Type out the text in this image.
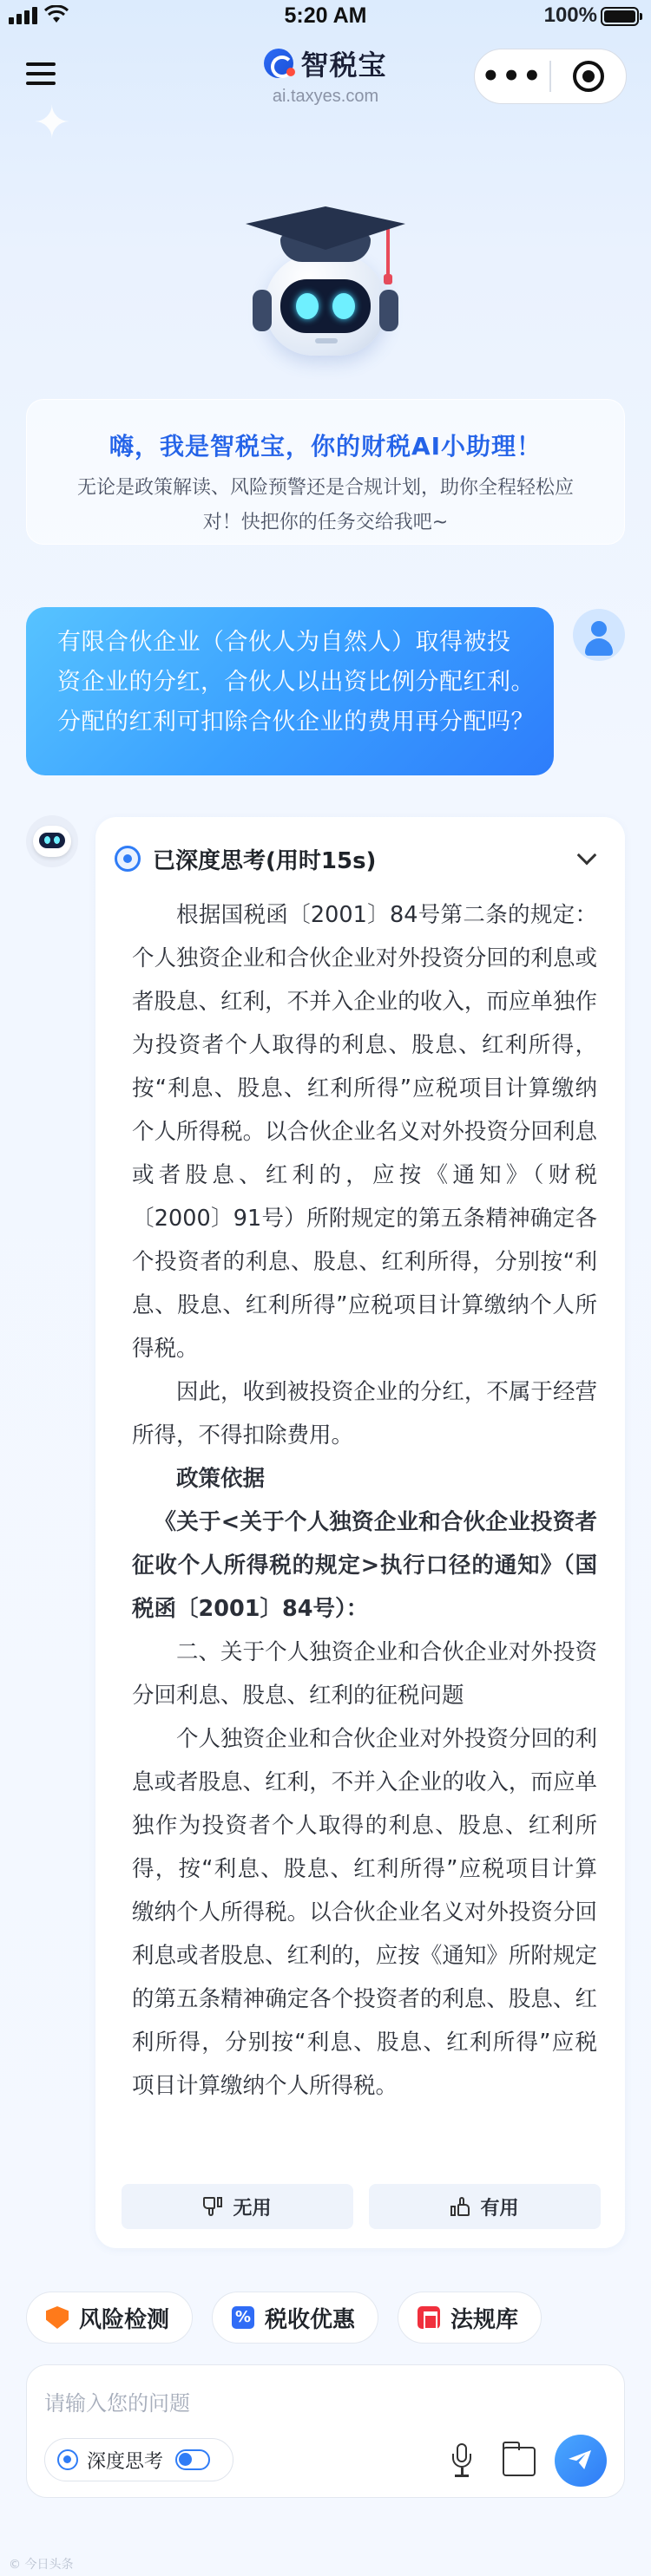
5:20 AM	100%
智税宝
ai.taxyes.com
•••
✦
嗨，我是智税宝，你的财税AI小助理！
无论是政策解读、风险预警还是合规计划，助你全程轻松应
对！快把你的任务交给我吧~
有限合伙企业（合伙人为自然人）取得被投
资企业的分红，合伙人以出资比例分配红利。
分配的红利可扣除合伙企业的费用再分配吗？
已深度思考(用时15s)

根据国税函〔2001〕84号第二条的规定：个人独资企业和合伙企业对外投资分回的利息或者股息、红利，不并入企业的收入，而应单独作为投资者个人取得的利息、股息、红利所得，按“利息、股息、红利所得”应税项目计算缴纳个人所得税。以合伙企业名义对外投资分回利息或者股息、红利的，应按《通知》（财税〔2000〕91号）所附规定的第五条精神确定各个投资者的利息、股息、红利所得，分别按“利息、股息、红利所得”应税项目计算缴纳个人所得税。

因此，收到被投资企业的分红，不属于经营所得，不得扣除费用。

政策依据

《关于<关于个人独资企业和合伙企业投资者征收个人所得税的规定>执行口径的通知》（国税函〔2001〕84号）：

二、关于个人独资企业和合伙企业对外投资分回利息、股息、红利的征税问题

个人独资企业和合伙企业对外投资分回的利息或者股息、红利，不并入企业的收入，而应单独作为投资者个人取得的利息、股息、红利所得，按“利息、股息、红利所得”应税项目计算缴纳个人所得税。以合伙企业名义对外投资分回利息或者股息、红利的，应按《通知》所附规定的第五条精神确定各个投资者的利息、股息、红利所得，分别按“利息、股息、红利所得”应税项目计算缴纳个人所得税。

无用	有用
风险检测
%	税收优惠	法规库
请输入您的问题
深度思考
© 今日头条
